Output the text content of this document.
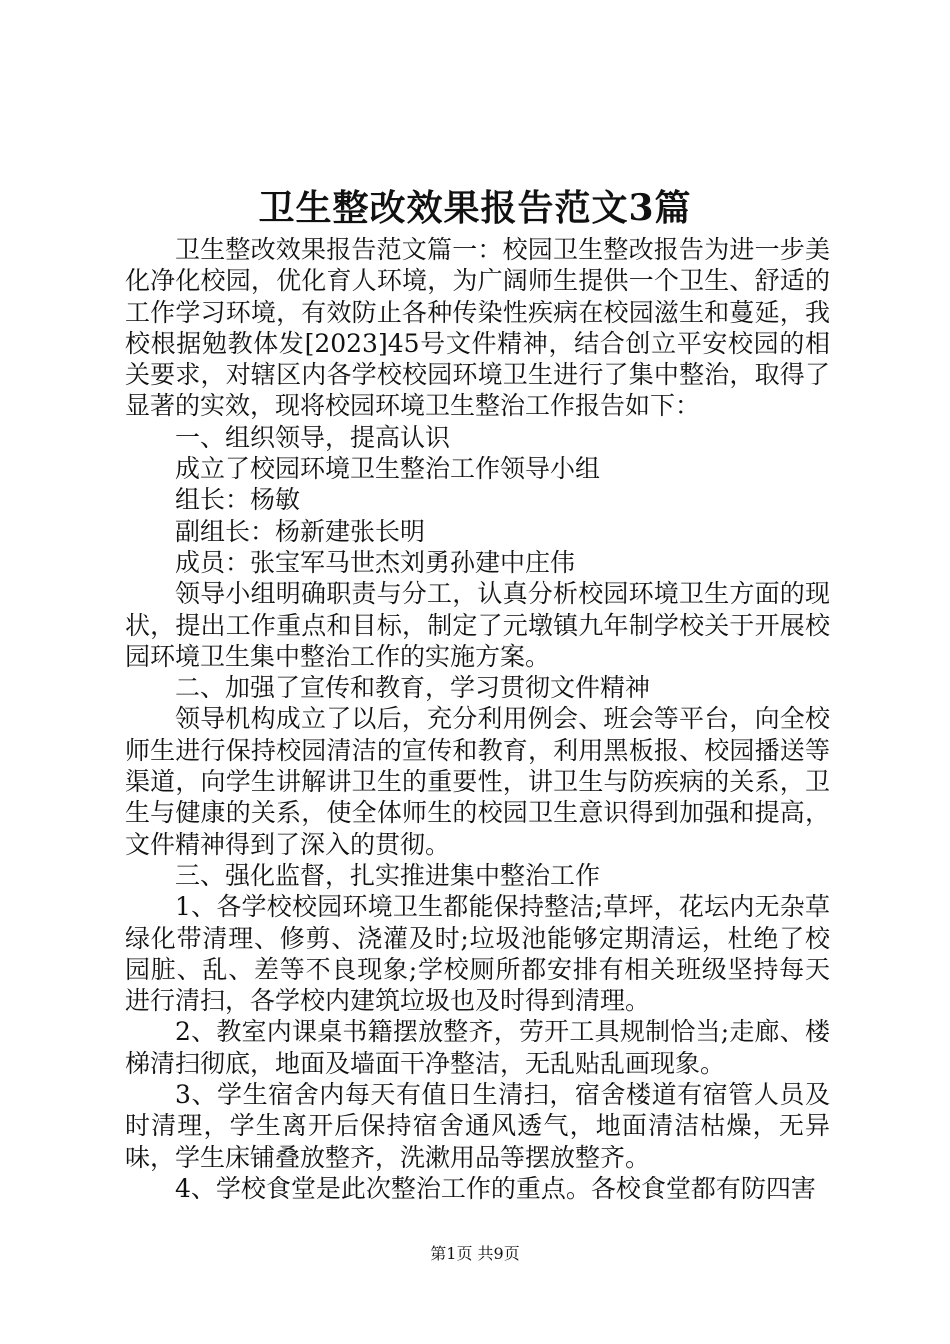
卫生整改效果报告范文3篇

卫生整改效果报告范文篇一：校园卫生整改报告为进一步美化净化校园，优化育人环境，为广阔师生提供一个卫生、舒适的工作学习环境，有效防止各种传染性疾病在校园滋生和蔓延，我校根据勉教体发[2023]45号文件精神，结合创立平安校园的相关要求，对辖区内各学校校园环境卫生进行了集中整治，取得了显著的实效，现将校园环境卫生整治工作报告如下：

一、组织领导，提高认识

成立了校园环境卫生整治工作领导小组

组长：杨敏

副组长：杨新建张长明

成员：张宝军马世杰刘勇孙建中庄伟

领导小组明确职责与分工，认真分析校园环境卫生方面的现状，提出工作重点和目标，制定了元墩镇九年制学校关于开展校园环境卫生集中整治工作的实施方案。

二、加强了宣传和教育，学习贯彻文件精神

领导机构成立了以后，充分利用例会、班会等平台，向全校师生进行保持校园清洁的宣传和教育，利用黑板报、校园播送等渠道，向学生讲解讲卫生的重要性，讲卫生与防疾病的关系，卫生与健康的关系，使全体师生的校园卫生意识得到加强和提高，文件精神得到了深入的贯彻。

三、强化监督，扎实推进集中整治工作

1、各学校校园环境卫生都能保持整洁;草坪，花坛内无杂草绿化带清理、修剪、浇灌及时;垃圾池能够定期清运，杜绝了校园脏、乱、差等不良现象;学校厕所都安排有相关班级坚持每天进行清扫，各学校内建筑垃圾也及时得到清理。

2、教室内课桌书籍摆放整齐，劳开工具规制恰当;走廊、楼梯清扫彻底，地面及墙面干净整洁，无乱贴乱画现象。

3、学生宿舍内每天有值日生清扫，宿舍楼道有宿管人员及时清理，学生离开后保持宿舍通风透气，地面清洁枯燥，无异味，学生床铺叠放整齐，洗漱用品等摆放整齐。

4、学校食堂是此次整治工作的重点。各校食堂都有防四害

第1页 共9页
